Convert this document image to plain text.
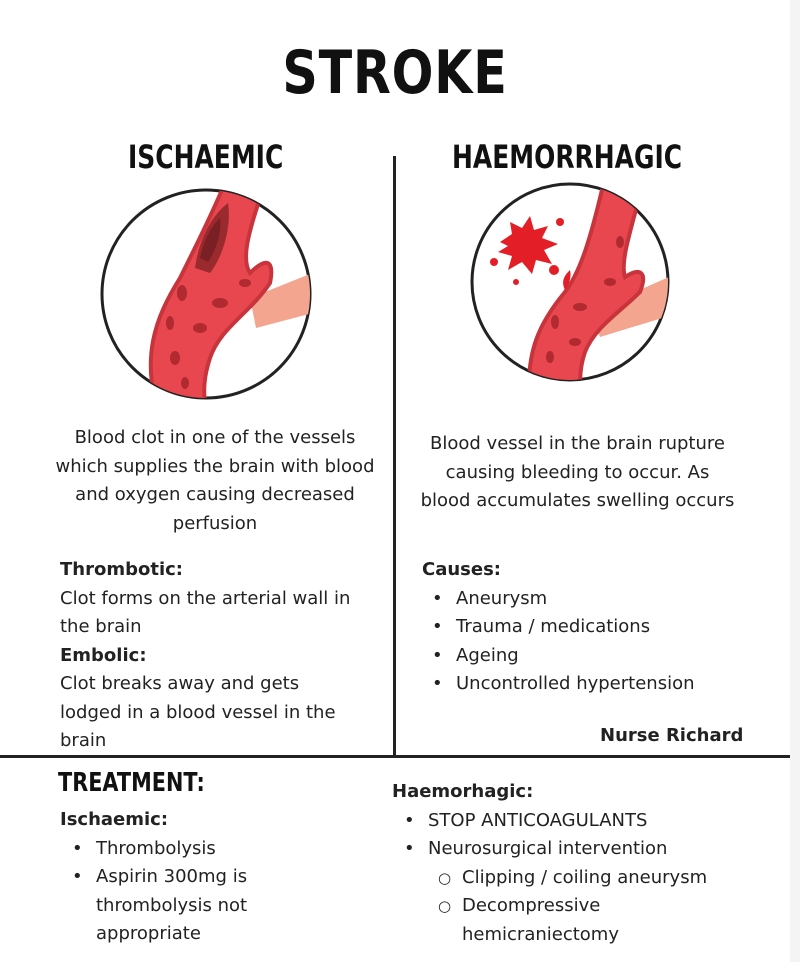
STROKE
ISCHAEMIC	HAEMORRHAGIC
Blood clot in one of the vessels which supplies the brain with blood and oxygen causing decreased perfusion
Blood vessel in the brain rupture causing bleeding to occur. As blood accumulates swelling occurs
Thrombotic:
Clot forms on the arterial wall in the brain
Embolic:
Clot breaks away and gets lodged in a blood vessel in the brain
Causes:
• Aneurysm
• Trauma / medications
• Ageing
• Uncontrolled hypertension
Nurse Richard
TREATMENT:
Ischaemic:
• Thrombolysis
• Aspirin 300mg is thrombolysis not appropriate
Haemorhagic:
• STOP ANTICOAGULANTS
• Neurosurgical intervention
○ Clipping / coiling aneurysm
○ Decompressive hemicraniectomy
